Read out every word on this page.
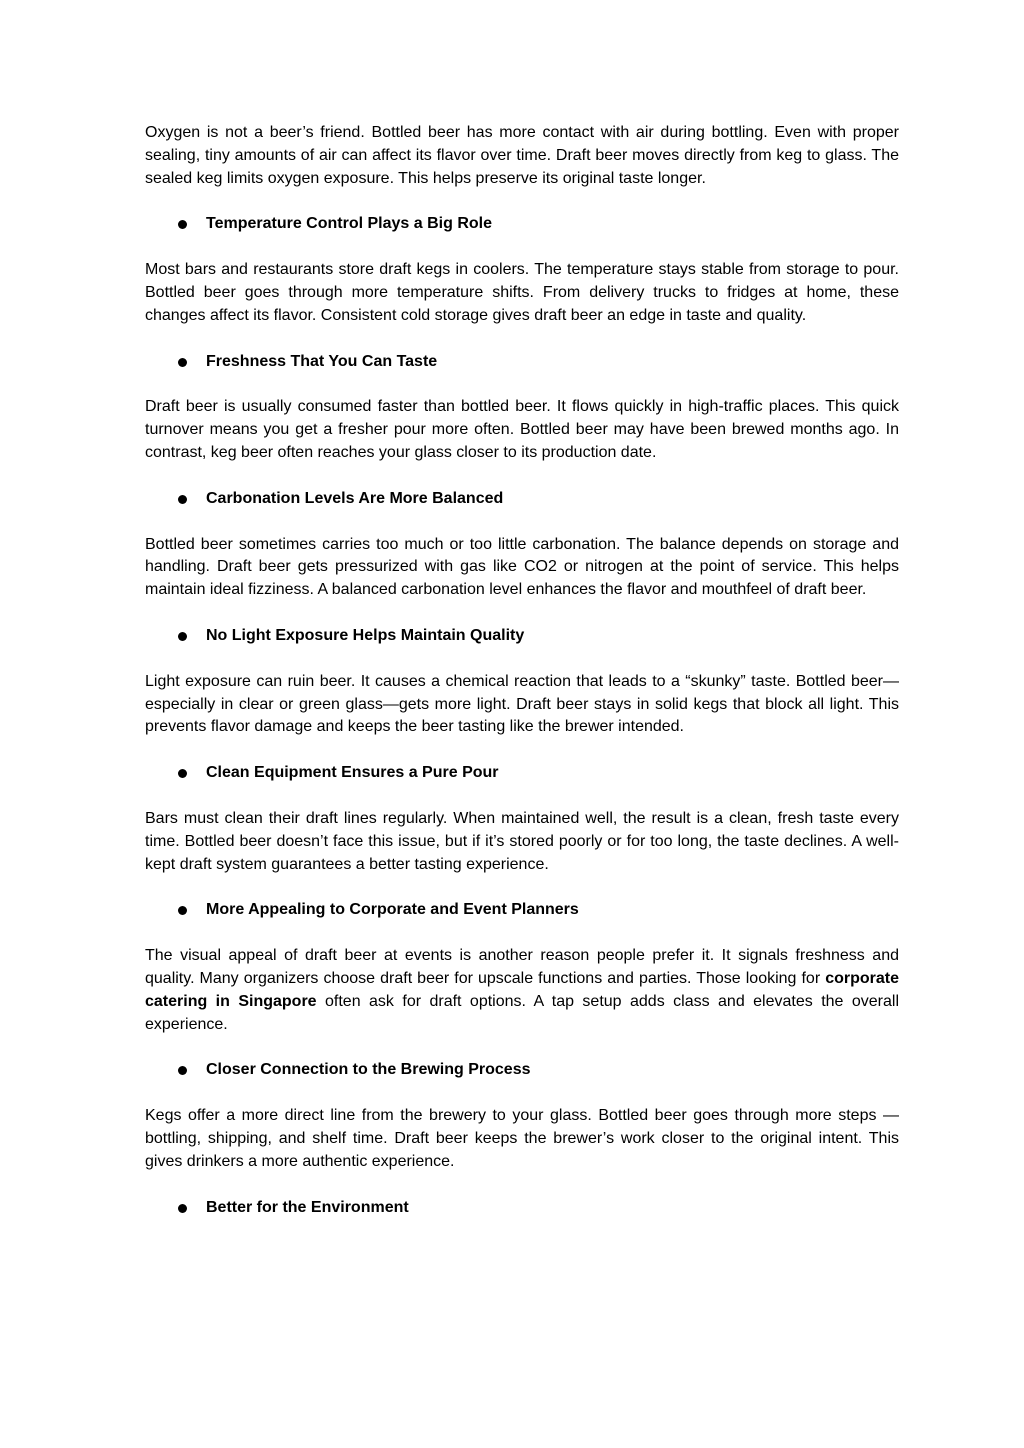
Oxygen is not a beer’s friend. Bottled beer has more contact with air during bottling. Even with proper sealing, tiny amounts of air can affect its flavor over time. Draft beer moves directly from keg to glass. The sealed keg limits oxygen exposure. This helps preserve its original taste longer.

Temperature Control Plays a Big Role

Most bars and restaurants store draft kegs in coolers. The temperature stays stable from storage to pour. Bottled beer goes through more temperature shifts. From delivery trucks to fridges at home, these changes affect its flavor. Consistent cold storage gives draft beer an edge in taste and quality.

Freshness That You Can Taste

Draft beer is usually consumed faster than bottled beer. It flows quickly in high-traffic places. This quick turnover means you get a fresher pour more often. Bottled beer may have been brewed months ago. In contrast, keg beer often reaches your glass closer to its production date.

Carbonation Levels Are More Balanced

Bottled beer sometimes carries too much or too little carbonation. The balance depends on storage and handling. Draft beer gets pressurized with gas like CO2 or nitrogen at the point of service. This helps maintain ideal fizziness. A balanced carbonation level enhances the flavor and mouthfeel of draft beer.

No Light Exposure Helps Maintain Quality

Light exposure can ruin beer. It causes a chemical reaction that leads to a “skunky” taste. Bottled beer—especially in clear or green glass—gets more light. Draft beer stays in solid kegs that block all light. This prevents flavor damage and keeps the beer tasting like the brewer intended.

Clean Equipment Ensures a Pure Pour

Bars must clean their draft lines regularly. When maintained well, the result is a clean, fresh taste every time. Bottled beer doesn’t face this issue, but if it’s stored poorly or for too long, the taste declines. A well-kept draft system guarantees a better tasting experience.

More Appealing to Corporate and Event Planners

The visual appeal of draft beer at events is another reason people prefer it. It signals freshness and quality. Many organizers choose draft beer for upscale functions and parties. Those looking for corporate catering in Singapore often ask for draft options. A tap setup adds class and elevates the overall experience.

Closer Connection to the Brewing Process

Kegs offer a more direct line from the brewery to your glass. Bottled beer goes through more steps —bottling, shipping, and shelf time. Draft beer keeps the brewer’s work closer to the original intent. This gives drinkers a more authentic experience.

Better for the Environment
